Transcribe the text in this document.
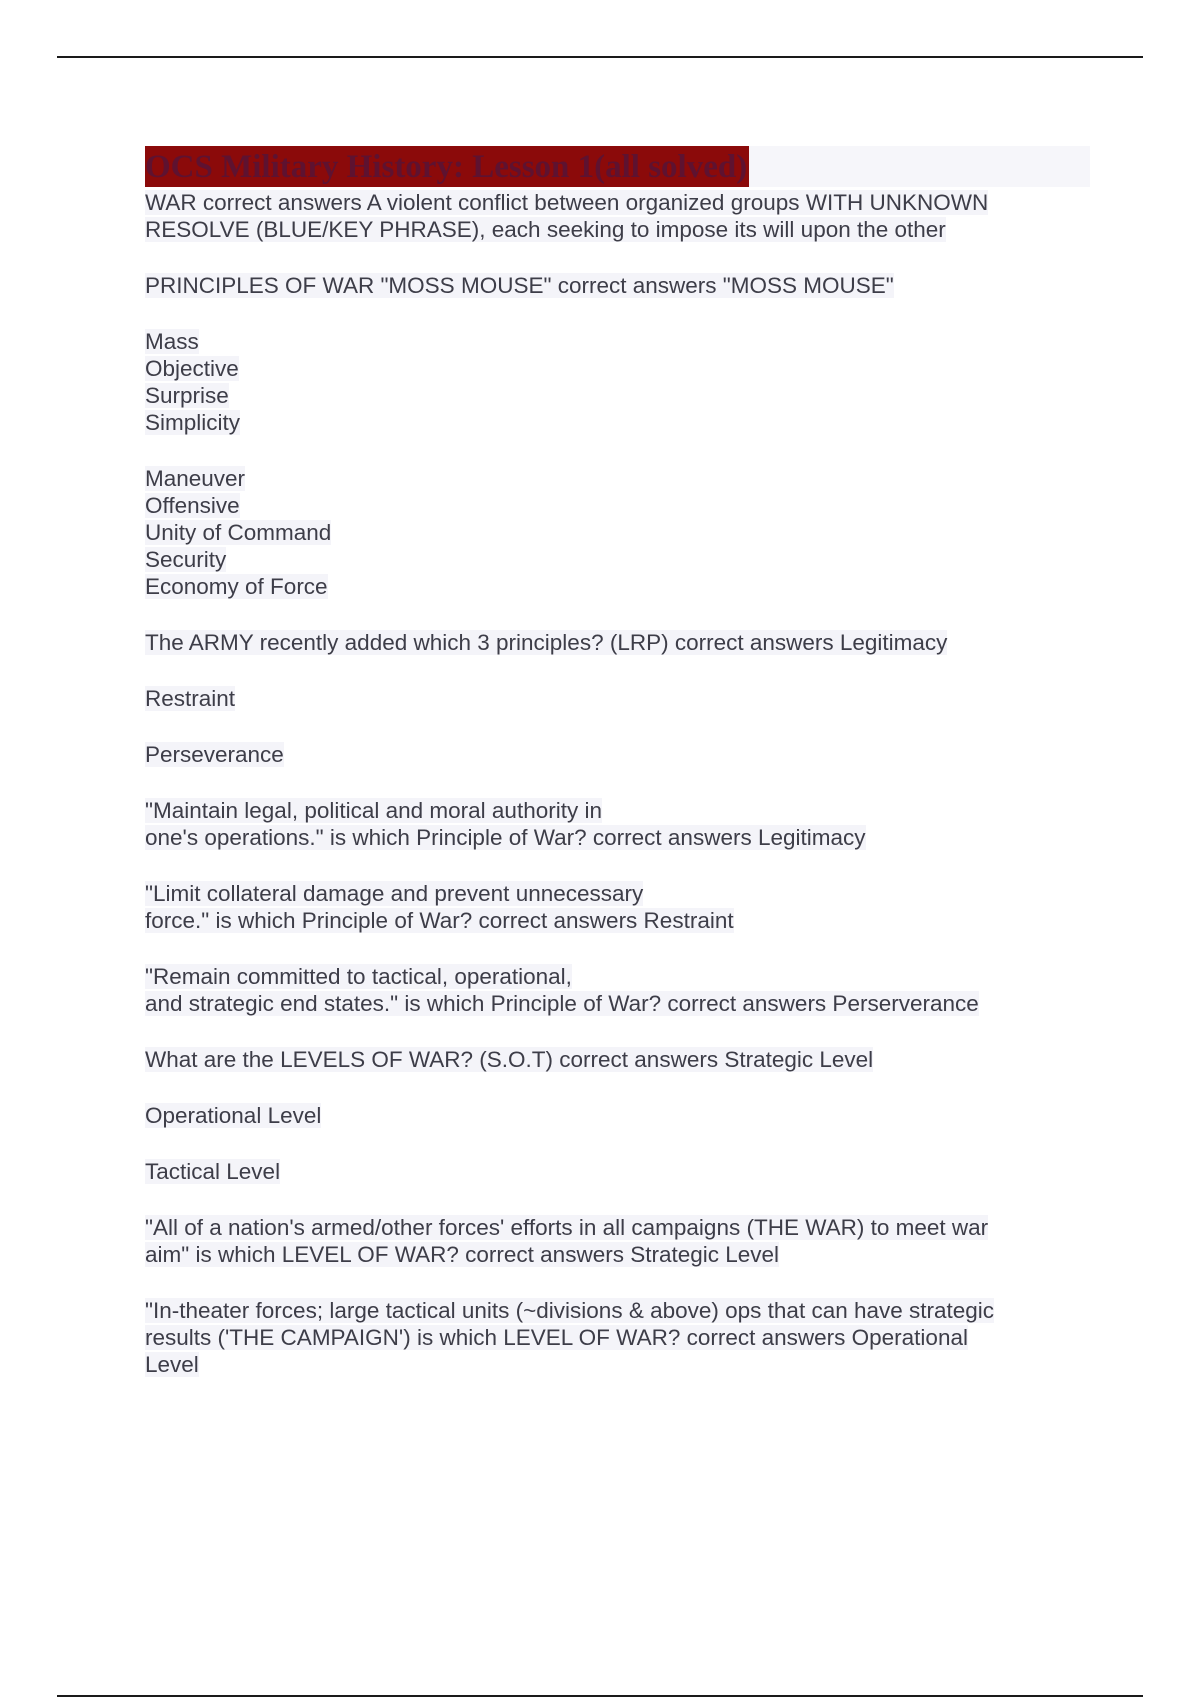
OCS Military History: Lesson 1(all solved)
WAR correct answers A violent conflict between organized groups WITH UNKNOWN
RESOLVE (BLUE/KEY PHRASE), each seeking to impose its will upon the other
PRINCIPLES OF WAR "MOSS MOUSE" correct answers "MOSS MOUSE"
Mass
Objective
Surprise
Simplicity
Maneuver
Offensive
Unity of Command
Security
Economy of Force
The ARMY recently added which 3 principles? (LRP) correct answers Legitimacy
Restraint
Perseverance
"Maintain legal, political and moral authority in
one's operations." is which Principle of War? correct answers Legitimacy
"Limit collateral damage and prevent unnecessary
force." is which Principle of War? correct answers Restraint
"Remain committed to tactical, operational,
and strategic end states." is which Principle of War? correct answers Perserverance
What are the LEVELS OF WAR? (S.O.T) correct answers Strategic Level
Operational Level
Tactical Level
"All of a nation's armed/other forces' efforts in all campaigns (THE WAR) to meet war
aim" is which LEVEL OF WAR? correct answers Strategic Level
"In-theater forces; large tactical units (~divisions & above) ops that can have strategic
results ('THE CAMPAIGN') is which LEVEL OF WAR? correct answers Operational
Level
